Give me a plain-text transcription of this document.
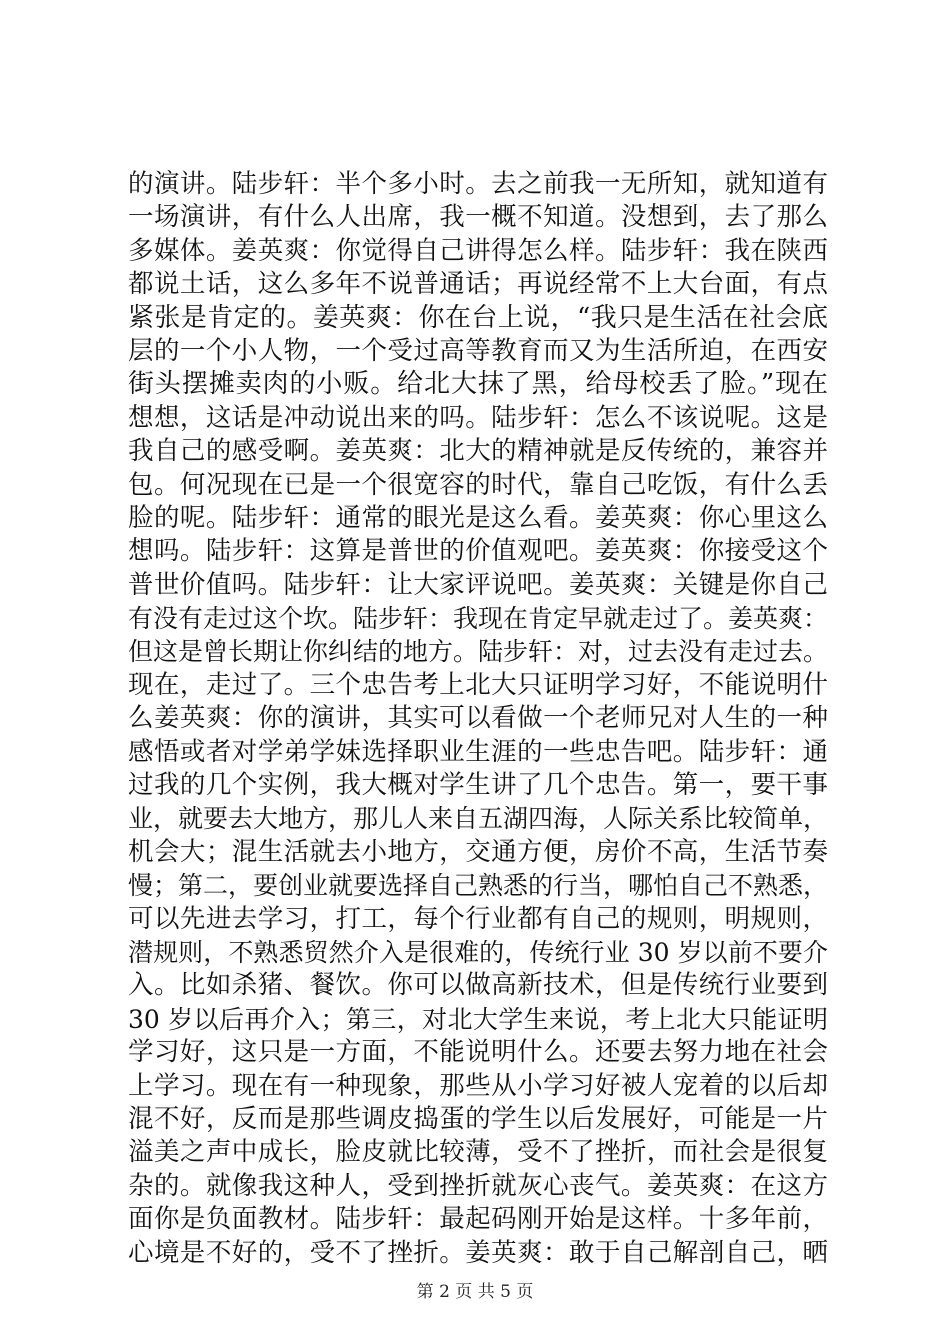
的演讲。陆步轩：半个多小时。去之前我一无所知，就知道有
一场演讲，有什么人出席，我一概不知道。没想到，去了那么
多媒体。姜英爽：你觉得自己讲得怎么样。陆步轩：我在陕西
都说土话，这么多年不说普通话；再说经常不上大台面，有点
紧张是肯定的。姜英爽：你在台上说，“我只是生活在社会底
层的一个小人物，一个受过高等教育而又为生活所迫，在西安
街头摆摊卖肉的小贩。给北大抹了黑，给母校丢了脸。”现在
想想，这话是冲动说出来的吗。陆步轩：怎么不该说呢。这是
我自己的感受啊。姜英爽：北大的精神就是反传统的，兼容并
包。何况现在已是一个很宽容的时代，靠自己吃饭，有什么丢
脸的呢。陆步轩：通常的眼光是这么看。姜英爽：你心里这么
想吗。陆步轩：这算是普世的价值观吧。姜英爽：你接受这个
普世价值吗。陆步轩：让大家评说吧。姜英爽：关键是你自己
有没有走过这个坎。陆步轩：我现在肯定早就走过了。姜英爽：
但这是曾长期让你纠结的地方。陆步轩：对，过去没有走过去。
现在，走过了。三个忠告考上北大只证明学习好，不能说明什
么姜英爽：你的演讲，其实可以看做一个老师兄对人生的一种
感悟或者对学弟学妹选择职业生涯的一些忠告吧。陆步轩：通
过我的几个实例，我大概对学生讲了几个忠告。第一，要干事
业，就要去大地方，那儿人来自五湖四海，人际关系比较简单，
机会大；混生活就去小地方，交通方便，房价不高，生活节奏
慢；第二，要创业就要选择自己熟悉的行当，哪怕自己不熟悉，
可以先进去学习，打工，每个行业都有自己的规则，明规则，
潜规则，不熟悉贸然介入是很难的，传统行业 30 岁以前不要介
入。比如杀猪、餐饮。你可以做高新技术，但是传统行业要到
30 岁以后再介入；第三，对北大学生来说，考上北大只能证明
学习好，这只是一方面，不能说明什么。还要去努力地在社会
上学习。现在有一种现象，那些从小学习好被人宠着的以后却
混不好，反而是那些调皮捣蛋的学生以后发展好，可能是一片
溢美之声中成长，脸皮就比较薄，受不了挫折，而社会是很复
杂的。就像我这种人，受到挫折就灰心丧气。姜英爽：在这方
面你是负面教材。陆步轩：最起码刚开始是这样。十多年前，
心境是不好的，受不了挫折。姜英爽：敢于自己解剖自己，晒
第 2 页 共 5 页
